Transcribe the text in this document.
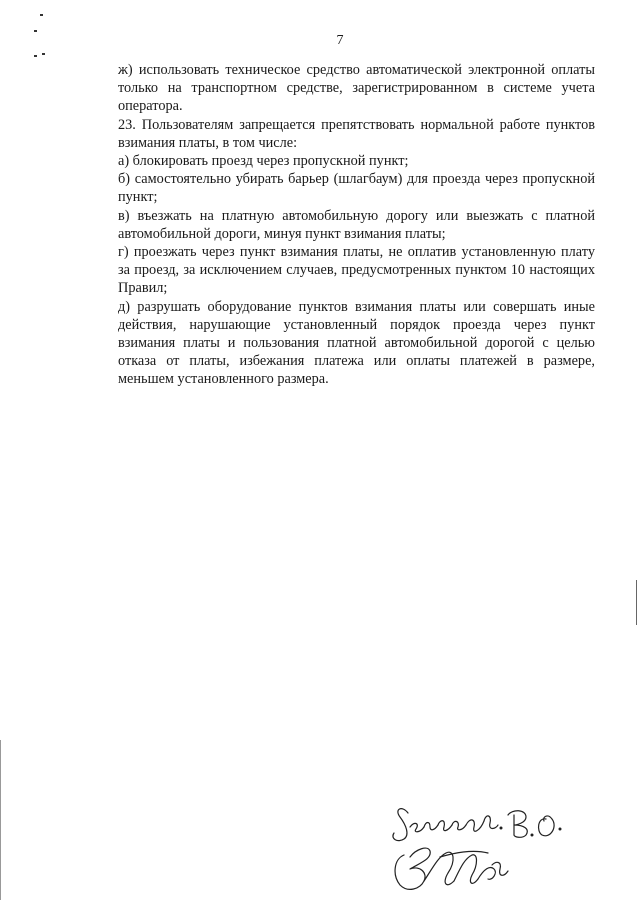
7

ж) использовать техническое средство автоматической электронной оплаты только на транспортном средстве, зарегистрированном в системе учета оператора.

23. Пользователям запрещается препятствовать нормальной работе пунктов взимания платы, в том числе:

а) блокировать проезд через пропускной пункт;

б) самостоятельно убирать барьер (шлагбаум) для проезда через пропускной пункт;

в) въезжать на платную автомобильную дорогу или выезжать с платной автомобильной дороги, минуя пункт взимания платы;

г) проезжать через пункт взимания платы, не оплатив установленную плату за проезд, за исключением случаев, предусмотренных пунктом 10 настоящих Правил;

д) разрушать оборудование пунктов взимания платы или совершать иные действия, нарушающие установленный порядок проезда через пункт взимания платы и пользования платной автомобильной дорогой с целью отказа от платы, избежания платежа или оплаты платежей в размере, меньшем установленного размера.
